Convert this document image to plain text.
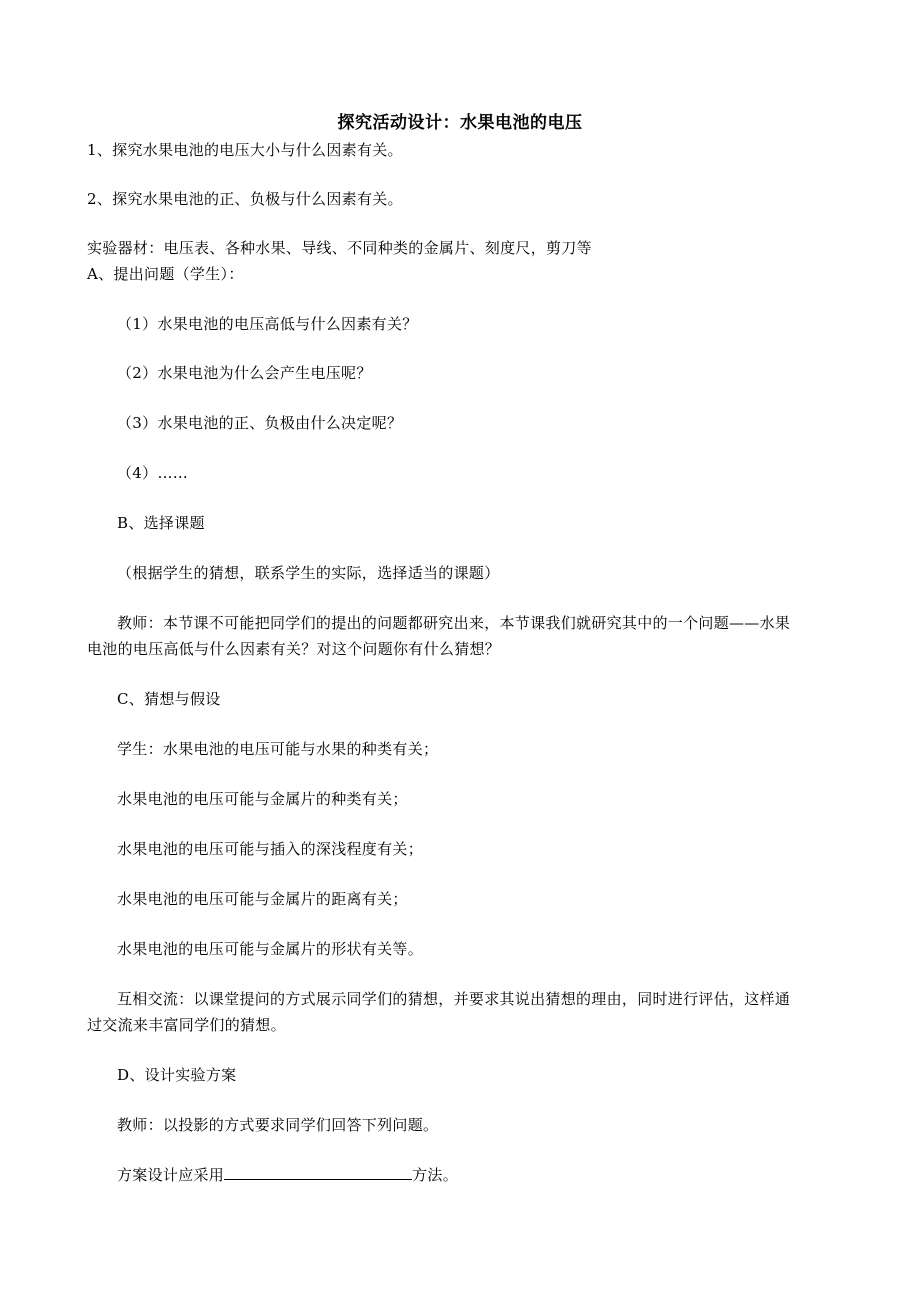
探究活动设计：水果电池的电压
1、探究水果电池的电压大小与什么因素有关。
2、探究水果电池的正、负极与什么因素有关。
实验器材：电压表、各种水果、导线、不同种类的金属片、刻度尺，剪刀等
A、提出问题（学生）：
（1）水果电池的电压高低与什么因素有关？
（2）水果电池为什么会产生电压呢？
（3）水果电池的正、负极由什么决定呢？
（4）……
B、选择课题
（根据学生的猜想，联系学生的实际，选择适当的课题）
教师：本节课不可能把同学们的提出的问题都研究出来，本节课我们就研究其中的一个问题——水果
电池的电压高低与什么因素有关？对这个问题你有什么猜想？
C、猜想与假设
学生：水果电池的电压可能与水果的种类有关；
水果电池的电压可能与金属片的种类有关；
水果电池的电压可能与插入的深浅程度有关；
水果电池的电压可能与金属片的距离有关；
水果电池的电压可能与金属片的形状有关等。
互相交流：以课堂提问的方式展示同学们的猜想，并要求其说出猜想的理由，同时进行评估，这样通
过交流来丰富同学们的猜想。
D、设计实验方案
教师：以投影的方式要求同学们回答下列问题。
方案设计应采用	方法。
